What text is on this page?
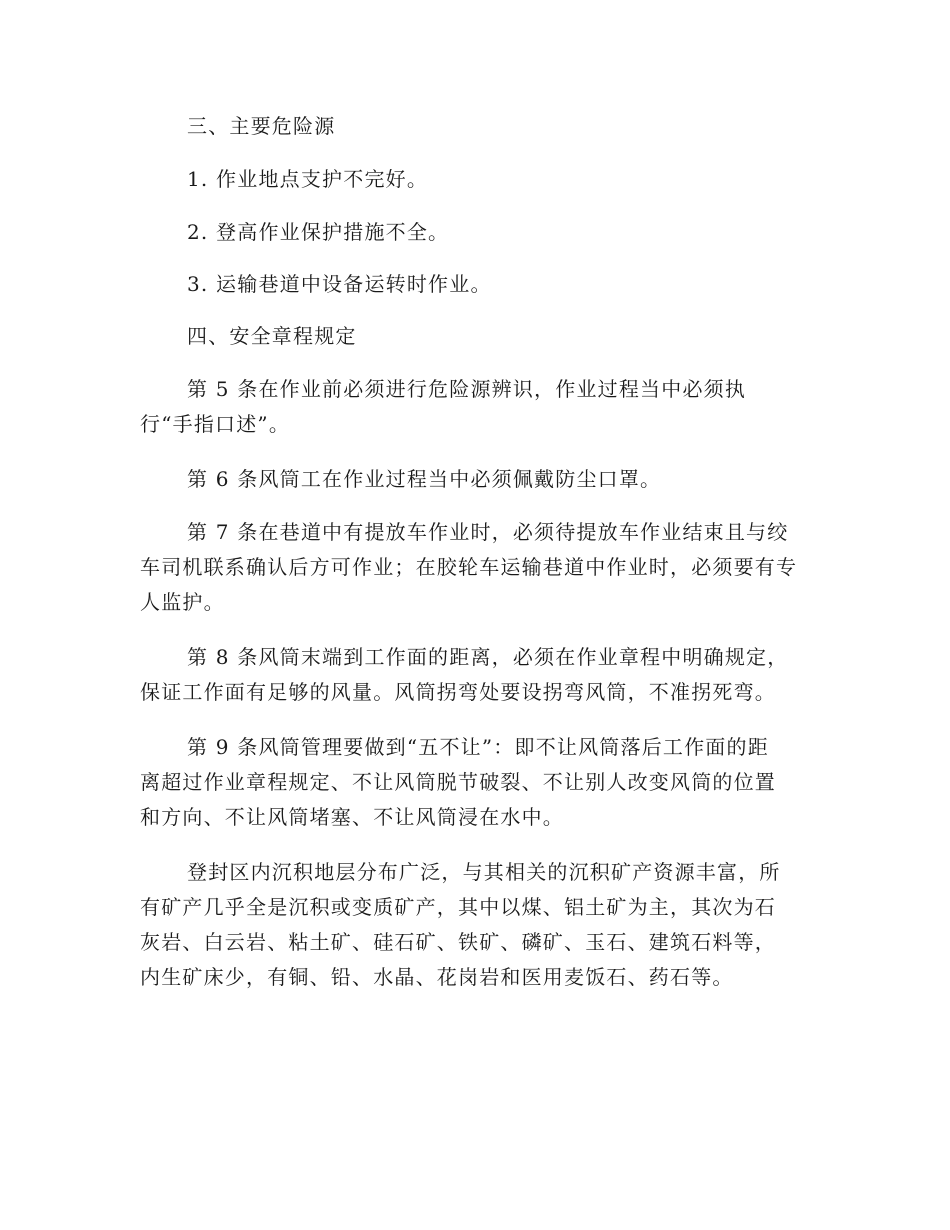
三、主要危险源
1. 作业地点支护不完好。
2. 登高作业保护措施不全。
3. 运输巷道中设备运转时作业。
四、安全章程规定
第 5 条在作业前必须进行危险源辨识，作业过程当中必须执
行“手指口述”。
第 6 条风筒工在作业过程当中必须佩戴防尘口罩。
第 7 条在巷道中有提放车作业时，必须待提放车作业结束且与绞
车司机联系确认后方可作业；在胶轮车运输巷道中作业时，必须要有专
人监护。
第 8 条风筒末端到工作面的距离，必须在作业章程中明确规定，
保证工作面有足够的风量。风筒拐弯处要设拐弯风筒，不准拐死弯。
第 9 条风筒管理要做到“五不让”：即不让风筒落后工作面的距
离超过作业章程规定、不让风筒脱节破裂、不让别人改变风筒的位置
和方向、不让风筒堵塞、不让风筒浸在水中。
登封区内沉积地层分布广泛，与其相关的沉积矿产资源丰富，所
有矿产几乎全是沉积或变质矿产，其中以煤、铝土矿为主，其次为石
灰岩、白云岩、粘土矿、硅石矿、铁矿、磷矿、玉石、建筑石料等，
内生矿床少，有铜、铅、水晶、花岗岩和医用麦饭石、药石等。
